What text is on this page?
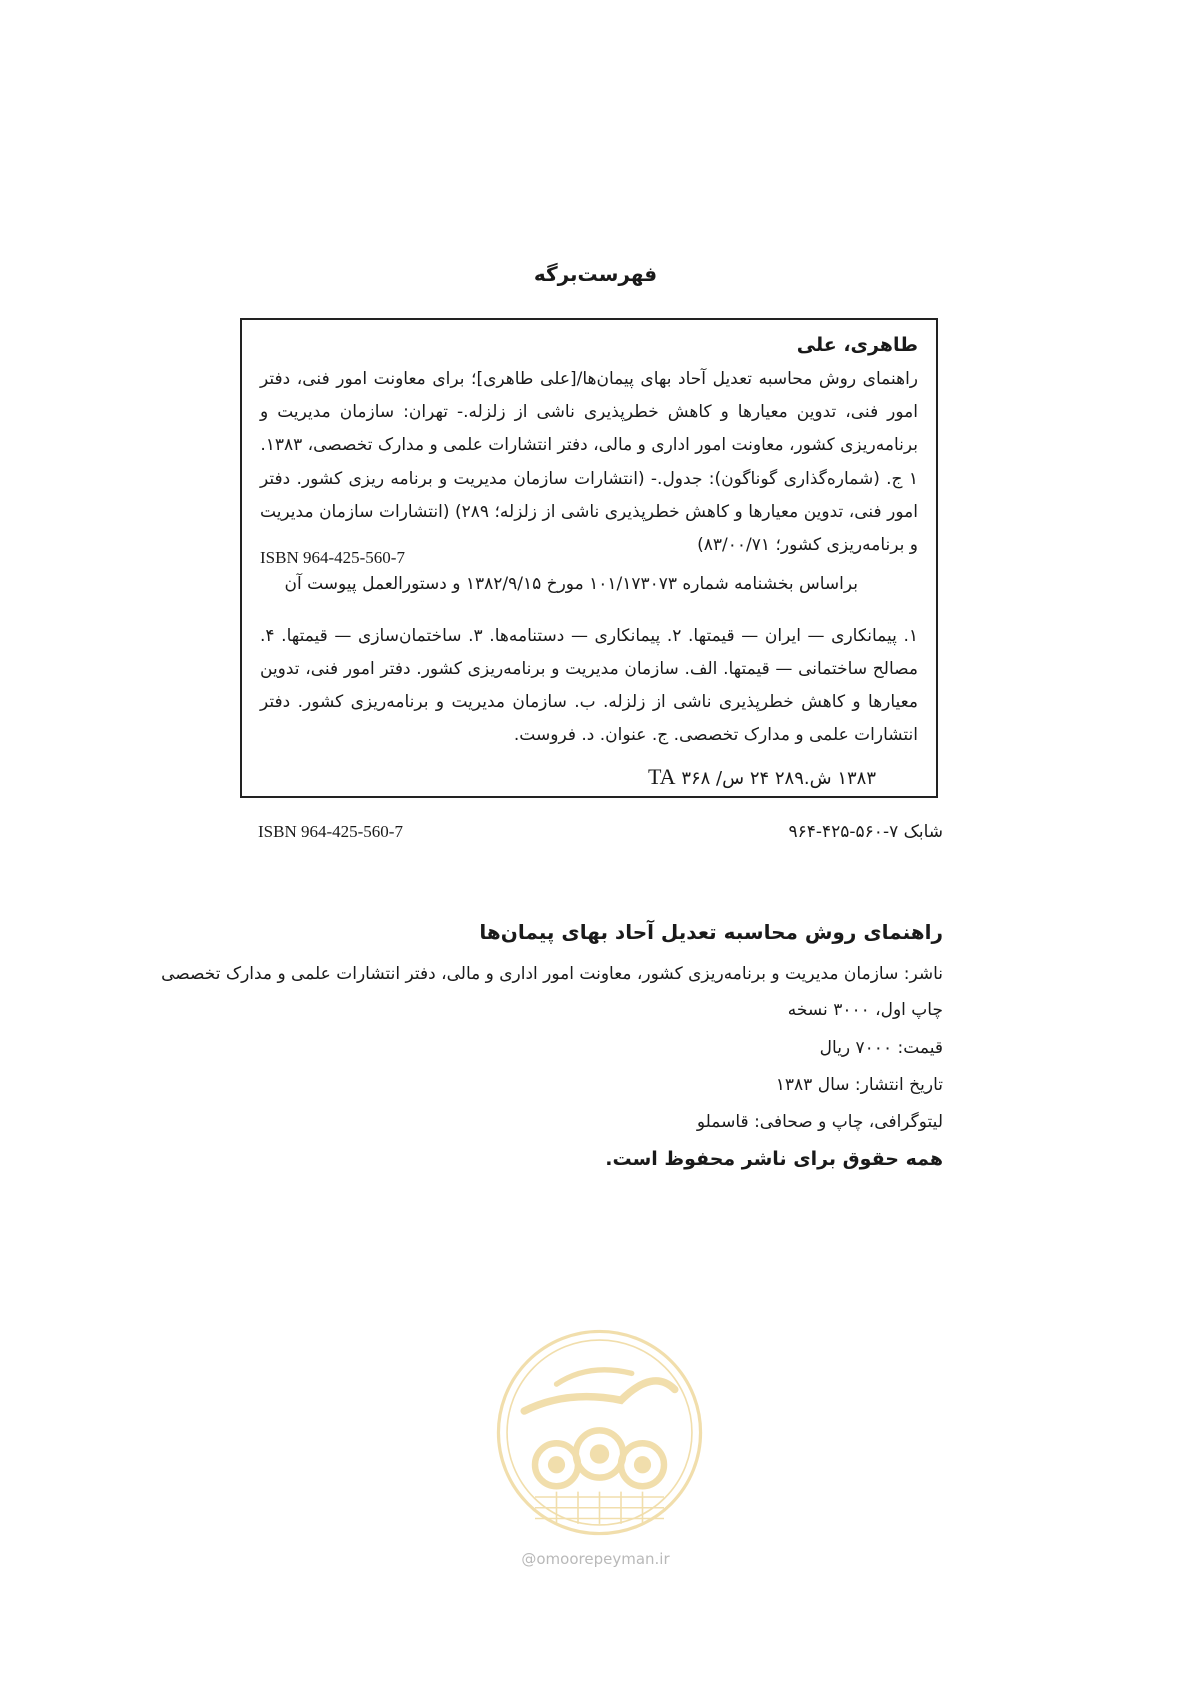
فهرست‌برگه
طاهری، علی
راهنمای روش محاسبه تعدیل آحاد بهای پیمان‌ها/[علی طاهری]؛ برای معاونت امور فنی، دفتر امور فنی، تدوین معیارها و کاهش خطرپذیری ناشی از زلزله.- تهران: سازمان مدیریت و برنامه‌ریزی کشور، معاونت امور اداری و مالی، دفتر انتشارات علمی و مدارک تخصصی، ۱۳۸۳.
۱ ج. (شماره‌گذاری گوناگون): جدول.- (انتشارات سازمان مدیریت و برنامه ریزی کشور. دفتر امور فنی، تدوین معیارها و کاهش خطرپذیری ناشی از زلزله؛ ۲۸۹) (انتشارات سازمان مدیریت و برنامه‌ریزی کشور؛ ۸۳/۰۰/۷۱)
ISBN 964-425-560-7
براساس بخشنامه شماره ۱۰۱/۱۷۳۰۷۳ مورخ ۱۳۸۲/۹/۱۵ و دستورالعمل پیوست آن
۱. پیمانکاری — ایران — قیمتها. ۲. پیمانکاری — دستنامه‌ها. ۳. ساختمان‌سازی — قیمتها. ۴. مصالح ساختمانی — قیمتها. الف. سازمان مدیریت و برنامه‌ریزی کشور. دفتر امور فنی، تدوین معیارها و کاهش خطرپذیری ناشی از زلزله. ب. سازمان مدیریت و برنامه‌ریزی کشور. دفتر انتشارات علمی و مدارک تخصصی. ج. عنوان. د. فروست.
۱۳۸۳ ش.۲۸۹ ۲۴ س/ ۳۶۸ TA
شابک ۷-۵۶۰-۴۲۵-۹۶۴
ISBN 964-425-560-7
راهنمای روش محاسبه تعدیل آحاد بهای پیمان‌ها
ناشر: سازمان مدیریت و برنامه‌ریزی کشور، معاونت امور اداری و مالی، دفتر انتشارات علمی و مدارک تخصصی
چاپ اول، ۳۰۰۰ نسخه
قیمت: ۷۰۰۰ ریال
تاریخ انتشار: سال ۱۳۸۳
لیتوگرافی، چاپ و صحافی: قاسملو
همه حقوق برای ناشر محفوظ است.
@omoorepeyman.ir
